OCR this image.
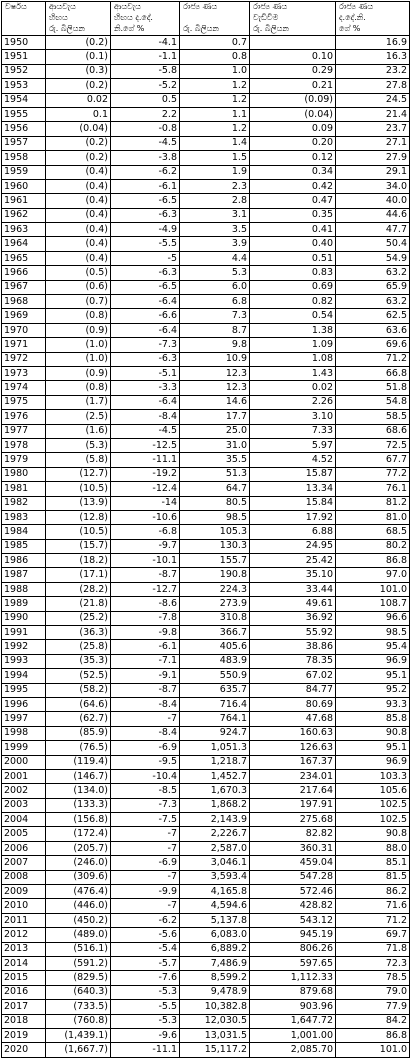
වර්ෂය	ආයවැය	ආයවැය	රාජ්‍ය ණය	රාජ්‍ය ණය	රාජ්‍ය ණය
	හිඟය	හිඟය ද.දේ.		වැඩිවීම	ද.දේ.නි.
	රු. බිලියන	නි.ගේ %	රු. බිලියන	රු. බිලියන	ගේ %
1950	(0.2)	-4.1	0.7		16.9
1951	(0.1)	-1.1	0.8	0.10	16.3
1952	(0.3)	-5.8	1.0	0.29	23.2
1953	(0.2)	-5.2	1.2	0.21	27.8
1954	0.02	0.5	1.2	(0.09)	24.5
1955	0.1	2.2	1.1	(0.04)	21.4
1956	(0.04)	-0.8	1.2	0.09	23.7
1957	(0.2)	-4.5	1.4	0.20	27.1
1958	(0.2)	-3.8	1.5	0.12	27.9
1959	(0.4)	-6.2	1.9	0.34	29.1
1960	(0.4)	-6.1	2.3	0.42	34.0
1961	(0.4)	-6.5	2.8	0.47	40.0
1962	(0.4)	-6.3	3.1	0.35	44.6
1963	(0.4)	-4.9	3.5	0.41	47.7
1964	(0.4)	-5.5	3.9	0.40	50.4
1965	(0.4)	-5	4.4	0.51	54.9
1966	(0.5)	-6.3	5.3	0.83	63.2
1967	(0.6)	-6.5	6.0	0.69	65.9
1968	(0.7)	-6.4	6.8	0.82	63.2
1969	(0.8)	-6.6	7.3	0.54	62.5
1970	(0.9)	-6.4	8.7	1.38	63.6
1971	(1.0)	-7.3	9.8	1.09	69.6
1972	(1.0)	-6.3	10.9	1.08	71.2
1973	(0.9)	-5.1	12.3	1.43	66.8
1974	(0.8)	-3.3	12.3	0.02	51.8
1975	(1.7)	-6.4	14.6	2.26	54.8
1976	(2.5)	-8.4	17.7	3.10	58.5
1977	(1.6)	-4.5	25.0	7.33	68.6
1978	(5.3)	-12.5	31.0	5.97	72.5
1979	(5.8)	-11.1	35.5	4.52	67.7
1980	(12.7)	-19.2	51.3	15.87	77.2
1981	(10.5)	-12.4	64.7	13.34	76.1
1982	(13.9)	-14	80.5	15.84	81.2
1983	(12.8)	-10.6	98.5	17.92	81.0
1984	(10.5)	-6.8	105.3	6.88	68.5
1985	(15.7)	-9.7	130.3	24.95	80.2
1986	(18.2)	-10.1	155.7	25.42	86.8
1987	(17.1)	-8.7	190.8	35.10	97.0
1988	(28.2)	-12.7	224.3	33.44	101.0
1989	(21.8)	-8.6	273.9	49.61	108.7
1990	(25.2)	-7.8	310.8	36.92	96.6
1991	(36.3)	-9.8	366.7	55.92	98.5
1992	(25.8)	-6.1	405.6	38.86	95.4
1993	(35.3)	-7.1	483.9	78.35	96.9
1994	(52.5)	-9.1	550.9	67.02	95.1
1995	(58.2)	-8.7	635.7	84.77	95.2
1996	(64.6)	-8.4	716.4	80.69	93.3
1997	(62.7)	-7	764.1	47.68	85.8
1998	(85.9)	-8.4	924.7	160.63	90.8
1999	(76.5)	-6.9	1,051.3	126.63	95.1
2000	(119.4)	-9.5	1,218.7	167.37	96.9
2001	(146.7)	-10.4	1,452.7	234.01	103.3
2002	(134.0)	-8.5	1,670.3	217.64	105.6
2003	(133.3)	-7.3	1,868.2	197.91	102.5
2004	(156.8)	-7.5	2,143.9	275.68	102.5
2005	(172.4)	-7	2,226.7	82.82	90.8
2006	(205.7)	-7	2,587.0	360.31	88.0
2007	(246.0)	-6.9	3,046.1	459.04	85.1
2008	(309.6)	-7	3,593.4	547.28	81.5
2009	(476.4)	-9.9	4,165.8	572.46	86.2
2010	(446.0)	-7	4,594.6	428.82	71.6
2011	(450.2)	-6.2	5,137.8	543.12	71.2
2012	(489.0)	-5.6	6,083.0	945.19	69.7
2013	(516.1)	-5.4	6,889.2	806.26	71.8
2014	(591.2)	-5.7	7,486.9	597.65	72.3
2015	(829.5)	-7.6	8,599.2	1,112.33	78.5
2016	(640.3)	-5.3	9,478.9	879.68	79.0
2017	(733.5)	-5.5	10,382.8	903.96	77.9
2018	(760.8)	-5.3	12,030.5	1,647.72	84.2
2019	(1,439.1)	-9.6	13,031.5	1,001.00	86.8
2020	(1,667.7)	-11.1	15,117.2	2,085.70	101.0
